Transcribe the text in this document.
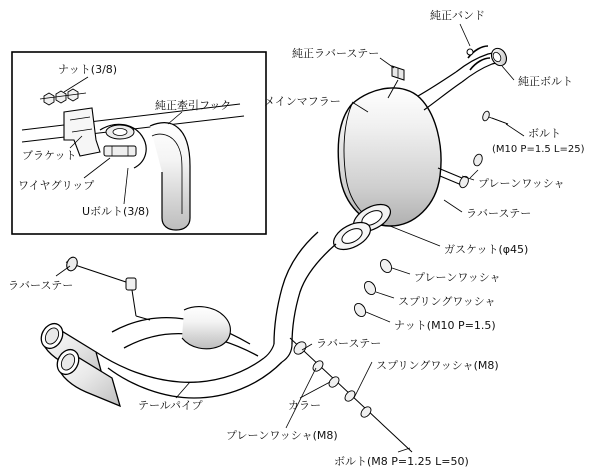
ナット(3/8)
純正牽引フック
ブラケット
ワイヤグリップ
Uボルト(3/8)
純正バンド
純正ラバーステー
純正ボルト
メインマフラー
ボルト
(M10 P=1.5 L=25)
プレーンワッシャ
ラバーステー
ガスケット(φ45)
プレーンワッシャ
スプリングワッシャ
ナット(M10 P=1.5)
ラバーステー
スプリングワッシャ(M8)
ラバーステー
テールパイプ	カラー
プレーンワッシャ(M8)
ボルト(M8 P=1.25 L=50)
